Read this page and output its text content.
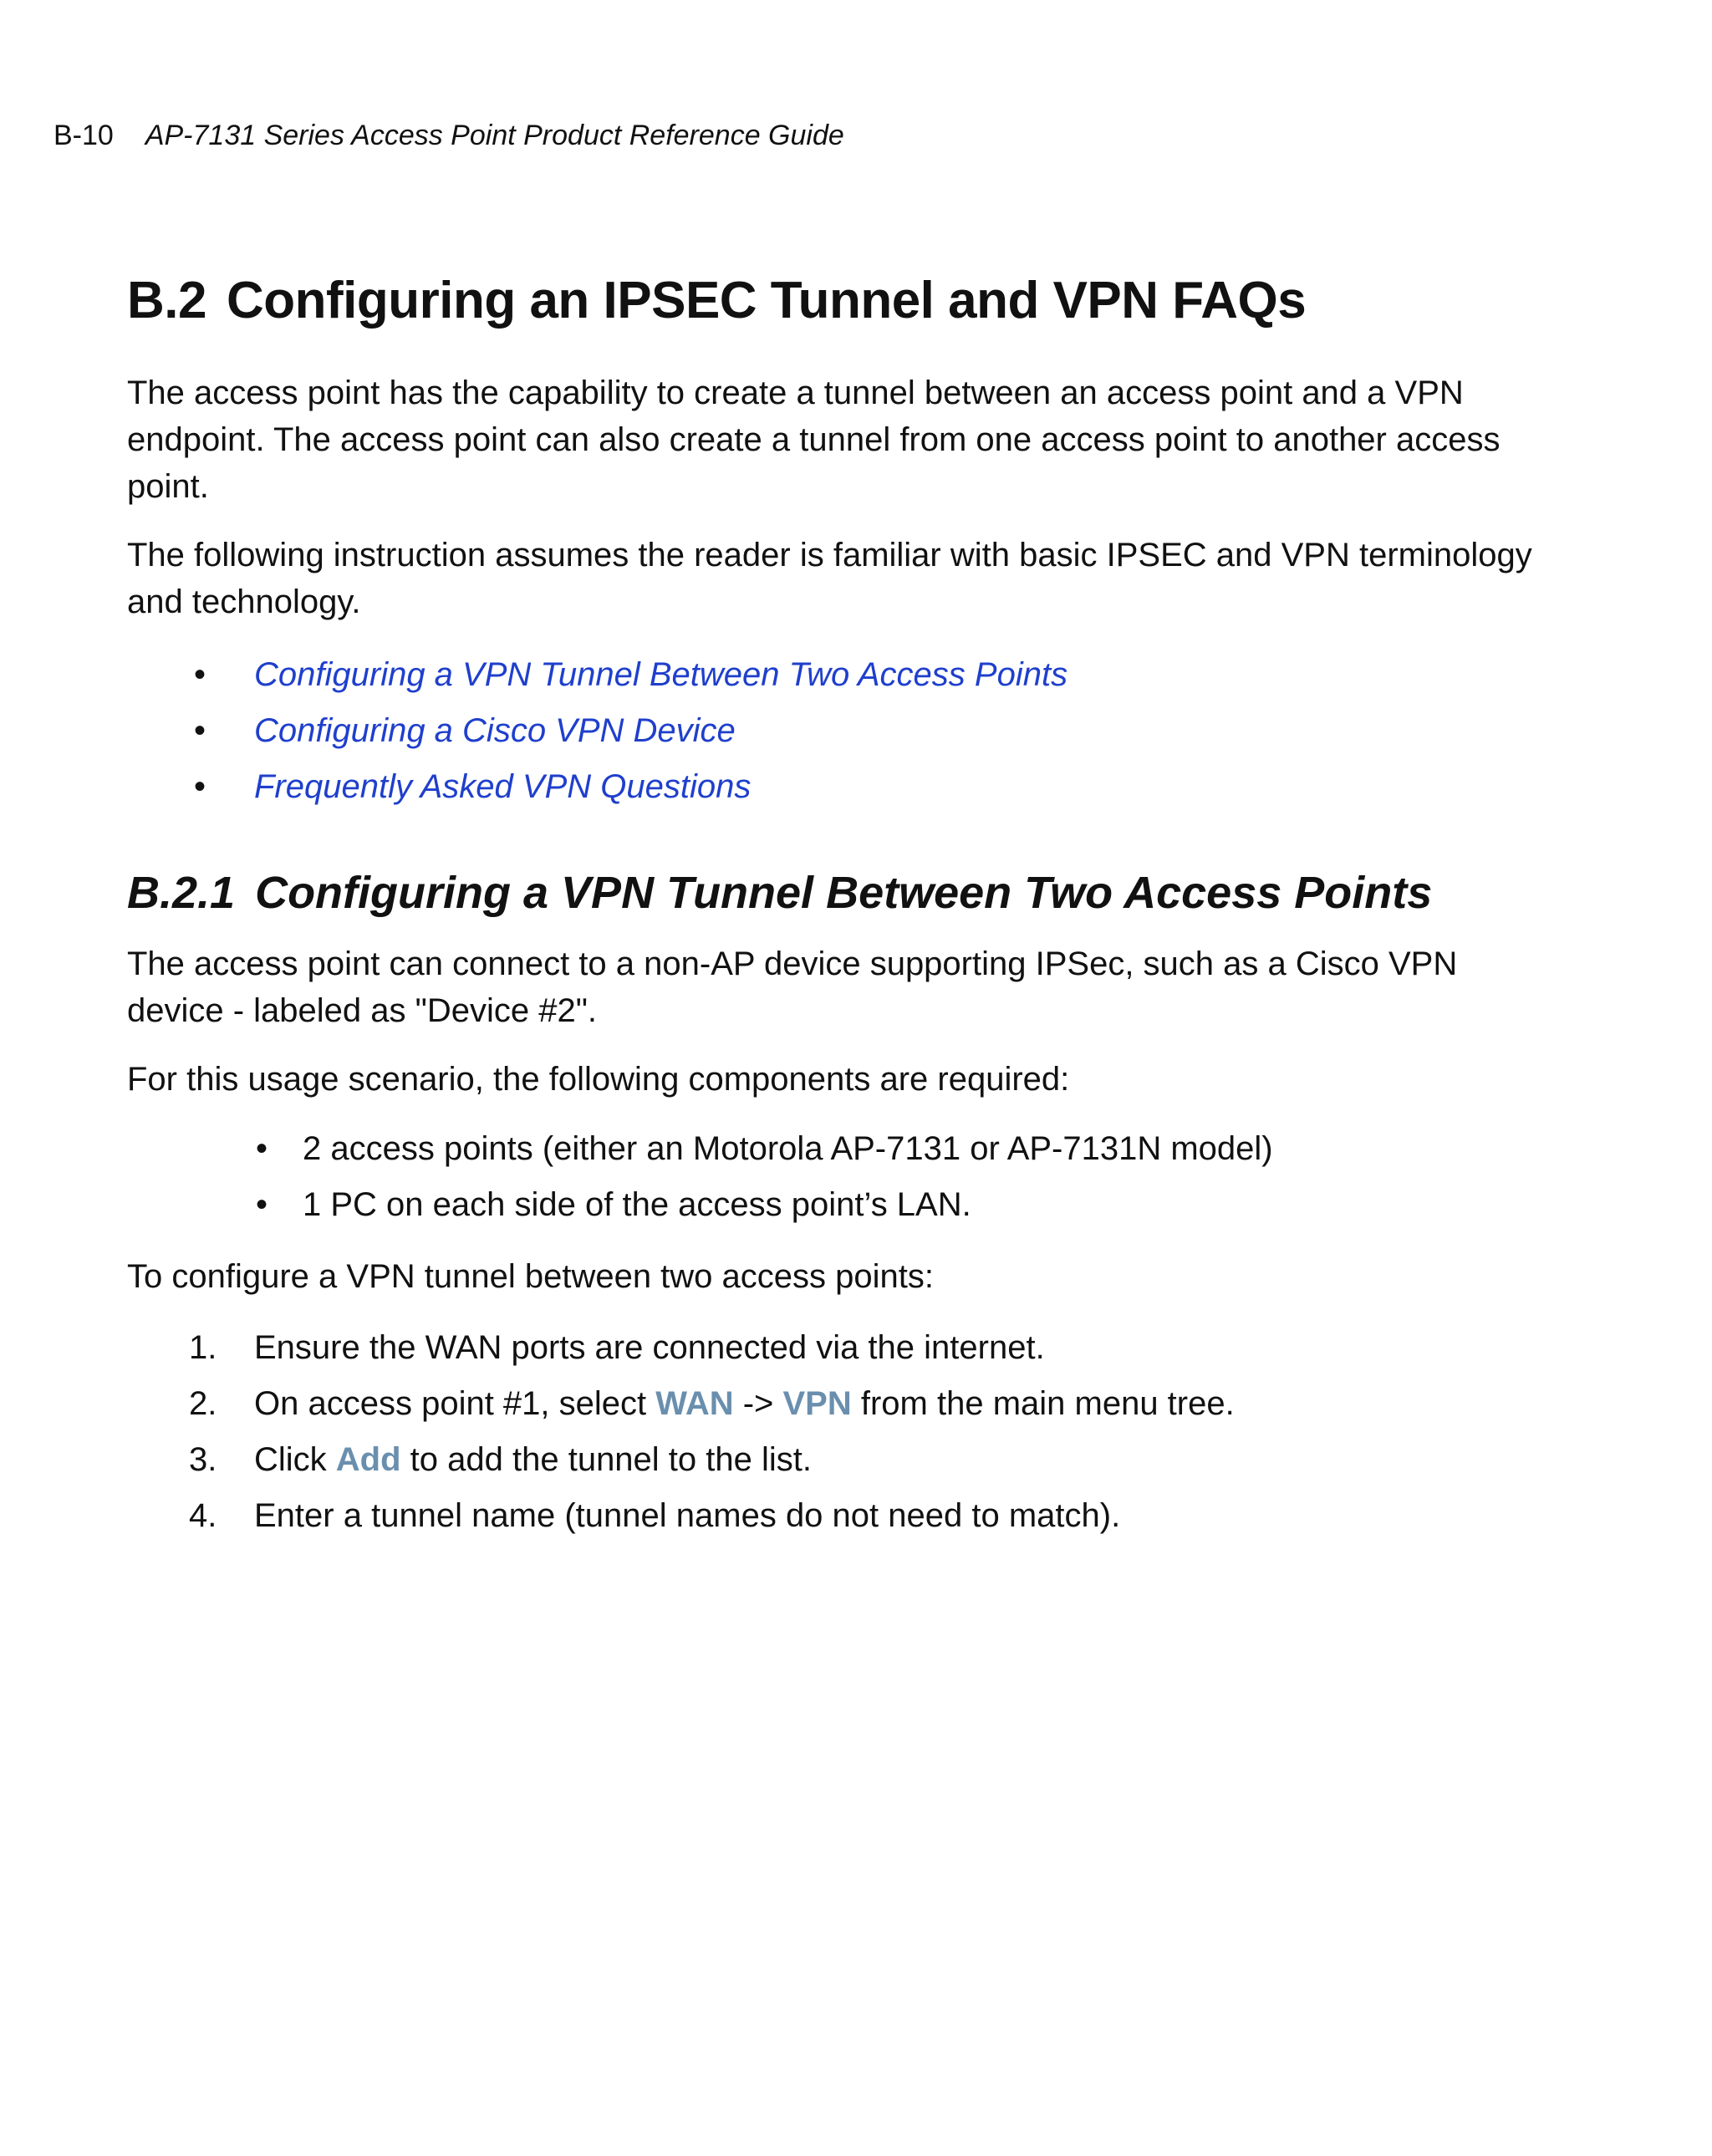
B-10 AP-7131 Series Access Point Product Reference Guide
B.2 Configuring an IPSEC Tunnel and VPN FAQs

The access point has the capability to create a tunnel between an access point and a VPN endpoint. The access point can also create a tunnel from one access point to another access point.

The following instruction assumes the reader is familiar with basic IPSEC and VPN terminology and technology.

• Configuring a VPN Tunnel Between Two Access Points
• Configuring a Cisco VPN Device
• Frequently Asked VPN Questions
B.2.1 Configuring a VPN Tunnel Between Two Access Points

The access point can connect to a non-AP device supporting IPSec, such as a Cisco VPN device - labeled as "Device #2".

For this usage scenario, the following components are required:

• 2 access points (either an Motorola AP-7131 or AP-7131N model)
• 1 PC on each side of the access point’s LAN.

To configure a VPN tunnel between two access points:

1. Ensure the WAN ports are connected via the internet.
2. On access point #1, select WAN -> VPN from the main menu tree.
3. Click Add to add the tunnel to the list.
4. Enter a tunnel name (tunnel names do not need to match).
